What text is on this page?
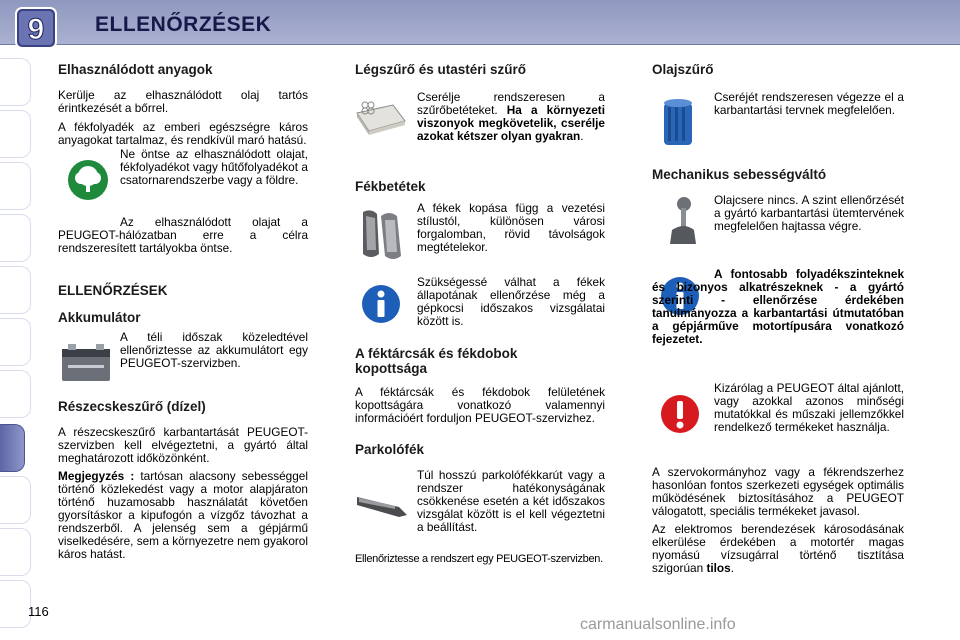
9 ELLENŐRZÉSEK
Elhasználódott anyagok
Kerülje az elhasználódott olaj tartós érintkezését a bőrrel.
A fékfolyadék az emberi egészségre káros anyagokat tartalmaz, és rendkívül maró hatású.
Ne öntse az elhasználódott olajat, fékfolyadékot vagy hűtőfolyadékot a csatornarendszerbe vagy a földre.
Az elhasználódott olajat a PEUGEOT-hálózatban erre a célra rendszeresített tartályokba öntse.
ELLENŐRZÉSEK
Akkumulátor
A téli időszak közeledtével ellenőriztesse az akkumulátort egy PEUGEOT-szervizben.
Részecskeszűrő (dízel)
A részecskeszűrő karbantartását PEUGEOT-szervizben kell elvégeztetni, a gyártó által meghatározott időközönként.
Megjegyzés : tartósan alacsony sebességgel történő közlekedést vagy a motor alapjáraton történő huzamosabb használatát követően gyorsításkor a kipufogón a vízgőz távozhat a rendszerből. A jelenség sem a gépjármű viselkedésére, sem a környezetre nem gyakorol káros hatást.
Légszűrő és utastéri szűrő
Cserélje rendszeresen a szűrőbetéteket. Ha a környezeti viszonyok megkövetelik, cserélje azokat kétszer olyan gyakran.
Fékbetétek
A fékek kopása függ a vezetési stílustól, különösen városi forgalomban, rövid távolságok megtételekor.
Szükségessé válhat a fékek állapotának ellenőrzése még a gépkocsi időszakos vizsgálatai között is.
A féktárcsák és fékdobok kopottsága
A féktárcsák és fékdobok felületének kopottságára vonatkozó valamennyi információért forduljon PEUGEOT-szervizhez.
Parkolófék
Túl hosszú parkolófékkarút vagy a rendszer hatékonyságának csökkenése esetén a két időszakos vizsgálat között is el kell végeztetni a beállítást.
Ellenőriztesse a rendszert egy PEUGEOT-szervizben.
Olajszűrő
Cseréjét rendszeresen végezze el a karbantartási tervnek megfelelően.
Mechanikus sebességváltó
Olajcsere nincs. A szint ellenőrzését a gyártó karbantartási ütemtervének megfelelően hajtassa végre.
A fontosabb folyadékszinteknek és bizonyos alkatrészeknek - a gyártó szerinti - ellenőrzése érdekében tanulmányozza a karbantartási útmutatóban a gépjárműve motortípusára vonatkozó fejezetet.
Kizárólag a PEUGEOT által ajánlott, vagy azokkal azonos minőségi mutatókkal és műszaki jellemzőkkel rendelkező termékeket használja.
A szervokormányhoz vagy a fékrendszerhez hasonlóan fontos szerkezeti egységek optimális működésének biztosításához a PEUGEOT válogatott, speciális termékeket javasol.
Az elektromos berendezések károsodásának elkerülése érdekében a motortér magas nyomású vízsugárral történő tisztítása szigorúan tilos.
116
carmanualsonline.info
